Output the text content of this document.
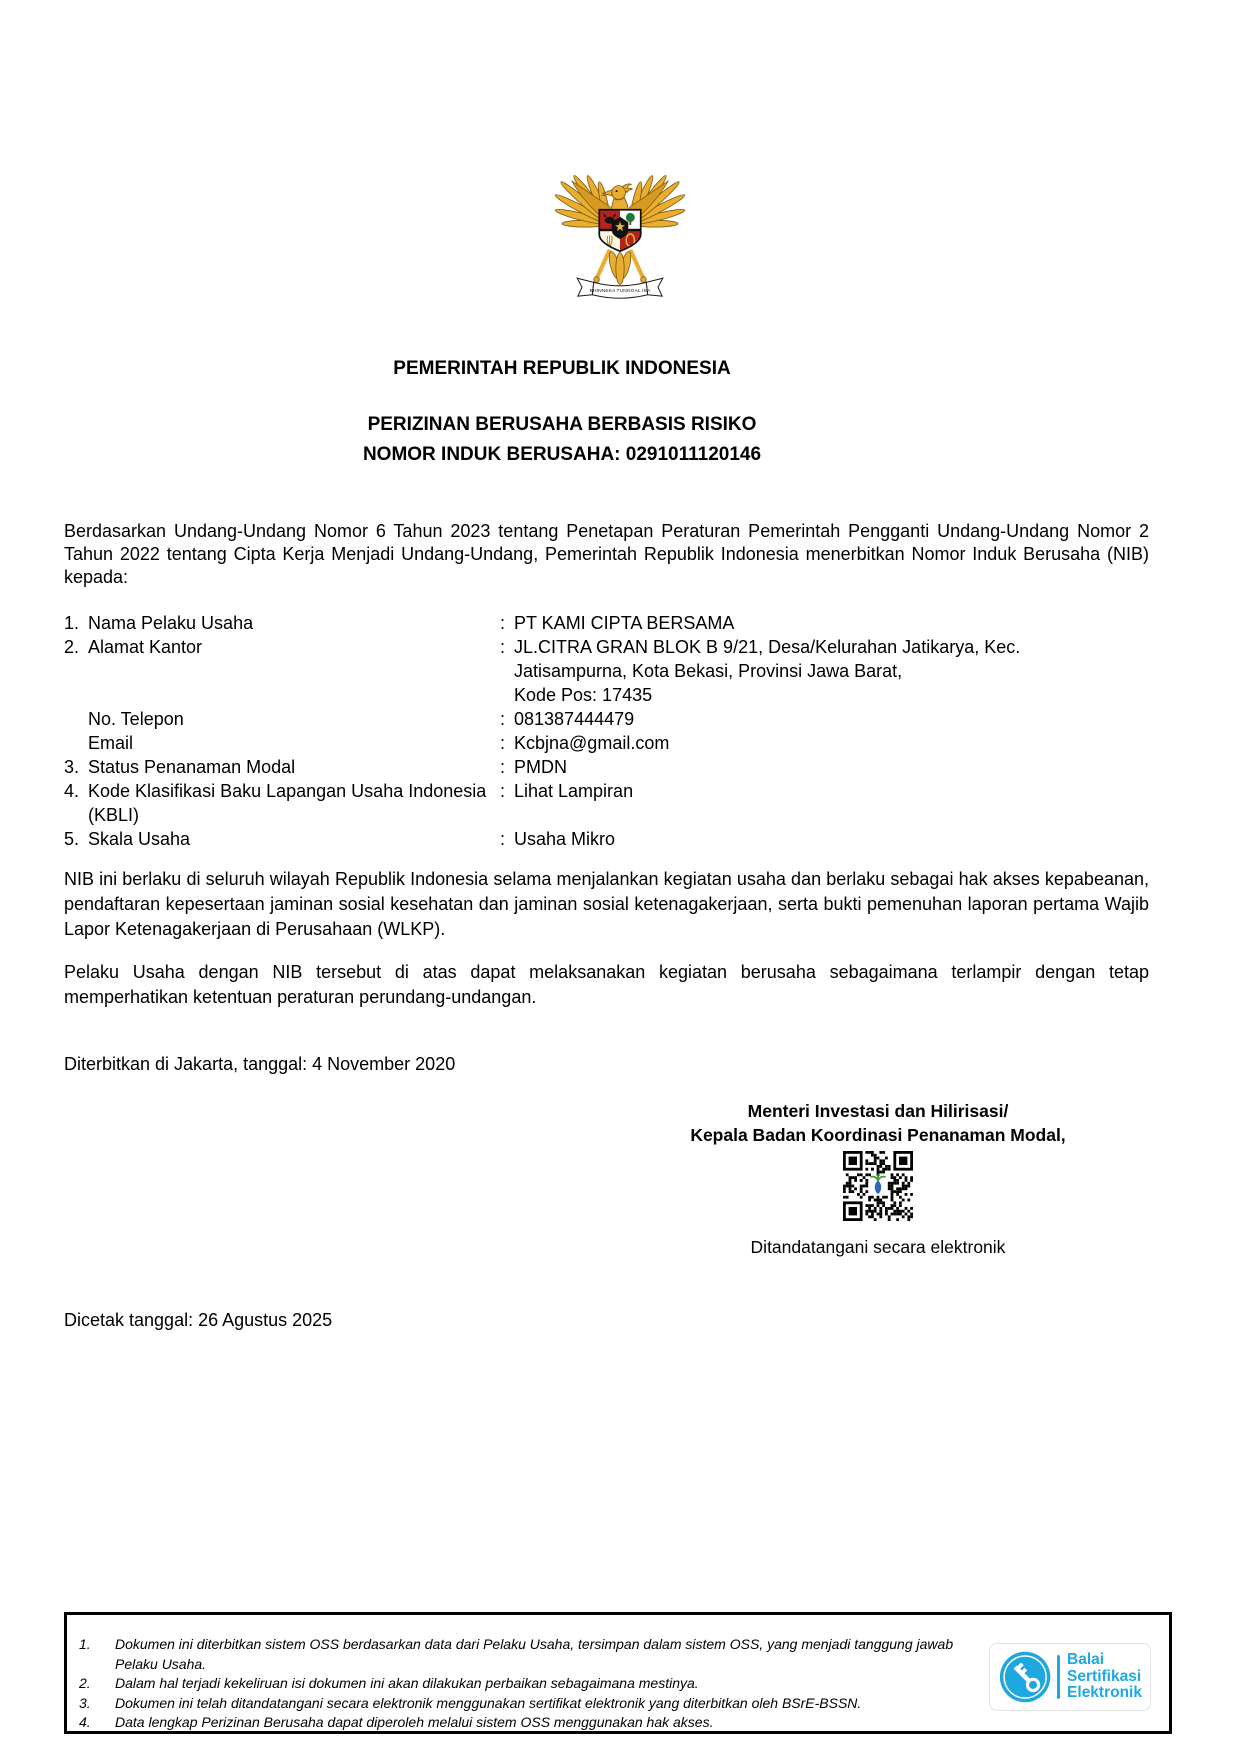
BHINNEKA TUNGGAL IKA
PEMERINTAH REPUBLIK INDONESIA
PERIZINAN BERUSAHA BERBASIS RISIKO
NOMOR INDUK BERUSAHA: 0291011120146
Berdasarkan Undang-Undang Nomor 6 Tahun 2023 tentang Penetapan Peraturan Pemerintah Pengganti Undang-Undang Nomor 2 Tahun 2022 tentang Cipta Kerja Menjadi Undang-Undang, Pemerintah Republik Indonesia menerbitkan Nomor Induk Berusaha (NIB) kepada:
1. Nama Pelaku Usaha	: PT KAMI CIPTA BERSAMA
2. Alamat Kantor	: JL.CITRA GRAN BLOK B 9/21, Desa/Kelurahan Jatikarya, Kec.
Jatisampurna, Kota Bekasi, Provinsi Jawa Barat,
Kode Pos: 17435
No. Telepon	: 081387444479
Email	: Kcbjna@gmail.com
3. Status Penanaman Modal	: PMDN
4. Kode Klasifikasi Baku Lapangan Usaha Indonesia
(KBLI)
: Lihat Lampiran
5. Skala Usaha	: Usaha Mikro
NIB ini berlaku di seluruh wilayah Republik Indonesia selama menjalankan kegiatan usaha dan berlaku sebagai hak akses kepabeanan, pendaftaran kepesertaan jaminan sosial kesehatan dan jaminan sosial ketenagakerjaan, serta bukti pemenuhan laporan pertama Wajib Lapor Ketenagakerjaan di Perusahaan (WLKP).
Pelaku Usaha dengan NIB tersebut di atas dapat melaksanakan kegiatan berusaha sebagaimana terlampir dengan tetap memperhatikan ketentuan peraturan perundang-undangan.
Diterbitkan di Jakarta, tanggal: 4 November 2020
Menteri Investasi dan Hilirisasi/
Kepala Badan Koordinasi Penanaman Modal,
Ditandatangani secara elektronik
Dicetak tanggal: 26 Agustus 2025
1.	Dokumen ini diterbitkan sistem OSS berdasarkan data dari Pelaku Usaha, tersimpan dalam sistem OSS, yang menjadi tanggung jawab
Pelaku Usaha.
2.	Dalam hal terjadi kekeliruan isi dokumen ini akan dilakukan perbaikan sebagaimana mestinya.
3.	Dokumen ini telah ditandatangani secara elektronik menggunakan sertifikat elektronik yang diterbitkan oleh BSrE-BSSN.
4.	Data lengkap Perizinan Berusaha dapat diperoleh melalui sistem OSS menggunakan hak akses.
Balai
Sertifikasi
Elektronik
